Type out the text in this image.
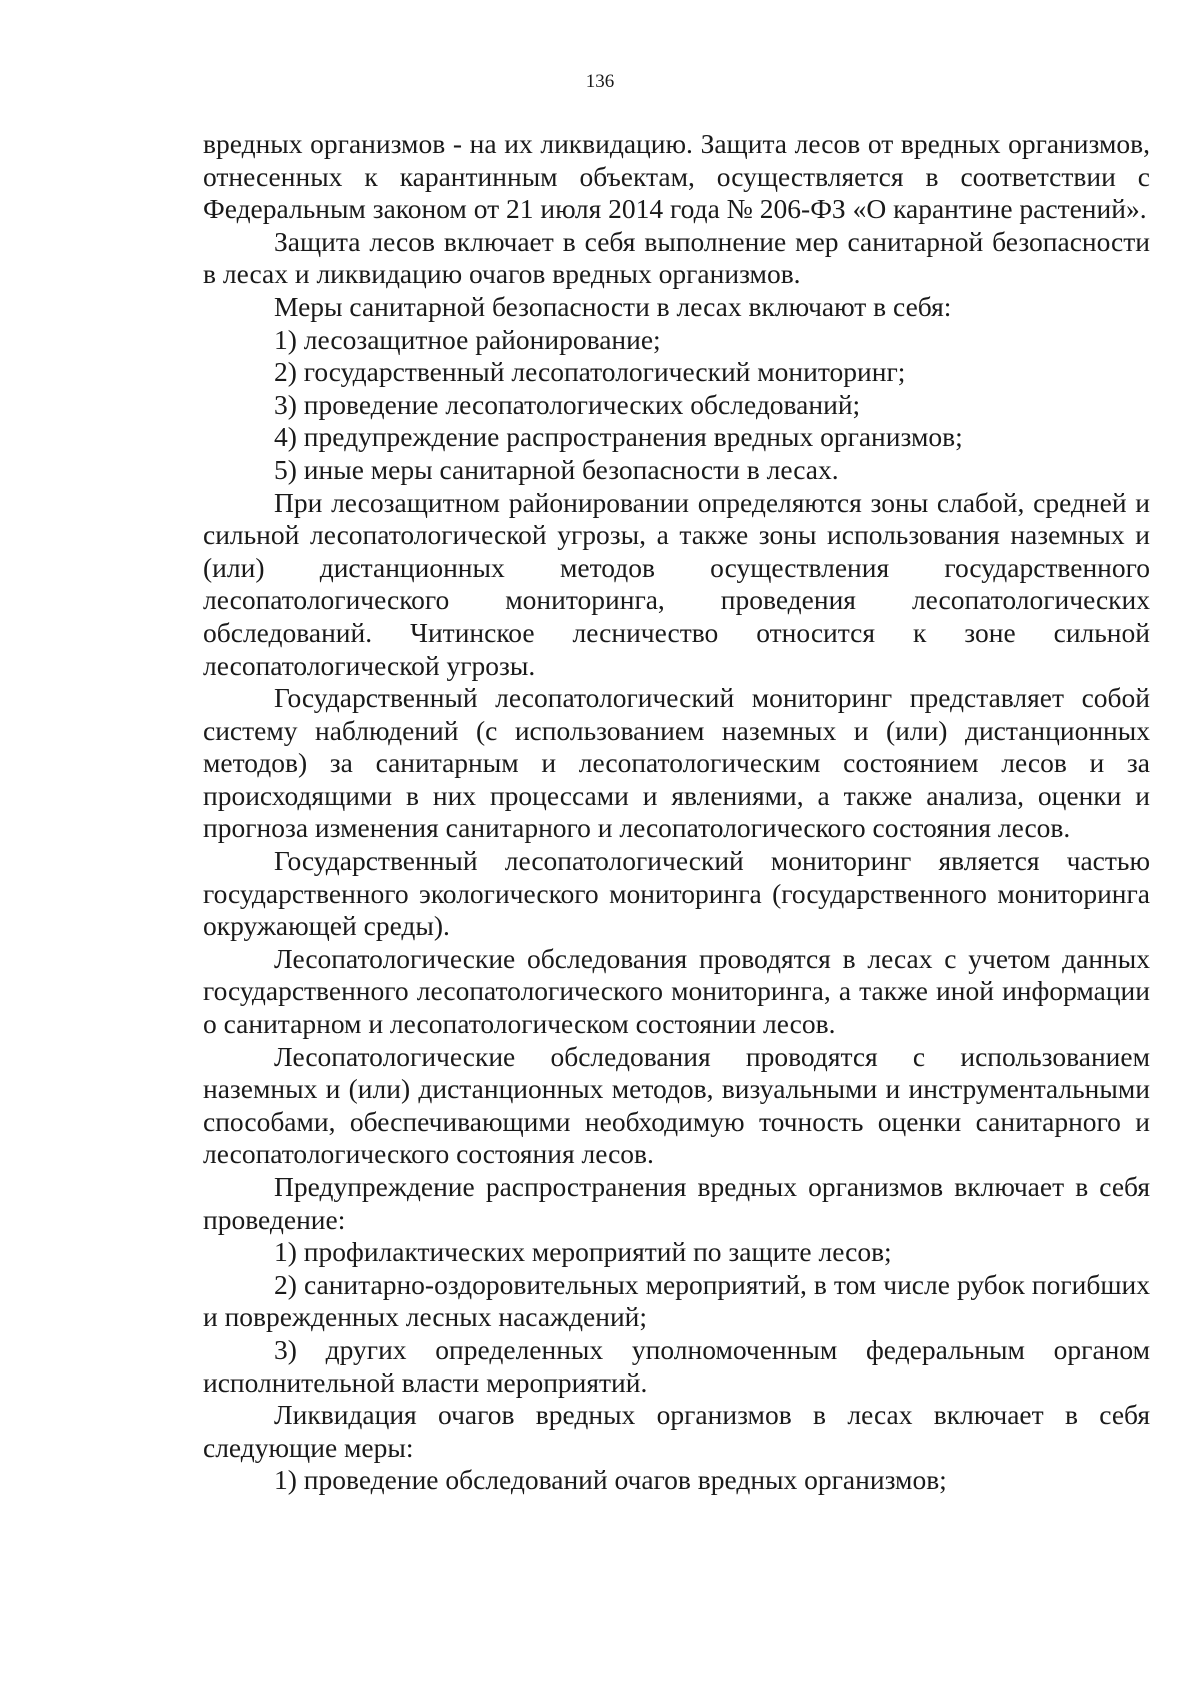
136

вредных организмов - на их ликвидацию. Защита лесов от вредных организмов, отнесенных к карантинным объектам, осуществляется в соответствии с Федеральным законом от 21 июля 2014 года № 206-ФЗ «О карантине растений».

Защита лесов включает в себя выполнение мер санитарной безопасности в лесах и ликвидацию очагов вредных организмов.

Меры санитарной безопасности в лесах включают в себя:

1) лесозащитное районирование;

2) государственный лесопатологический мониторинг;

3) проведение лесопатологических обследований;

4) предупреждение распространения вредных организмов;

5) иные меры санитарной безопасности в лесах.

При лесозащитном районировании определяются зоны слабой, средней и сильной лесопатологической угрозы, а также зоны использования наземных и (или) дистанционных методов осуществления государственного лесопатологического мониторинга, проведения лесопатологических обследований. Читинское лесничество относится к зоне сильной лесопатологической угрозы.

Государственный лесопатологический мониторинг представляет собой систему наблюдений (с использованием наземных и (или) дистанционных методов) за санитарным и лесопатологическим состоянием лесов и за происходящими в них процессами и явлениями, а также анализа, оценки и прогноза изменения санитарного и лесопатологического состояния лесов.

Государственный лесопатологический мониторинг является частью государственного экологического мониторинга (государственного мониторинга окружающей среды).

Лесопатологические обследования проводятся в лесах с учетом данных государственного лесопатологического мониторинга, а также иной информации о санитарном и лесопатологическом состоянии лесов.

Лесопатологические обследования проводятся с использованием наземных и (или) дистанционных методов, визуальными и инструментальными способами, обеспечивающими необходимую точность оценки санитарного и лесопатологического состояния лесов.

Предупреждение распространения вредных организмов включает в себя проведение:

1) профилактических мероприятий по защите лесов;

2) санитарно-оздоровительных мероприятий, в том числе рубок погибших и поврежденных лесных насаждений;

3) других определенных уполномоченным федеральным органом исполнительной власти мероприятий.

Ликвидация очагов вредных организмов в лесах включает в себя следующие меры:

1) проведение обследований очагов вредных организмов;
